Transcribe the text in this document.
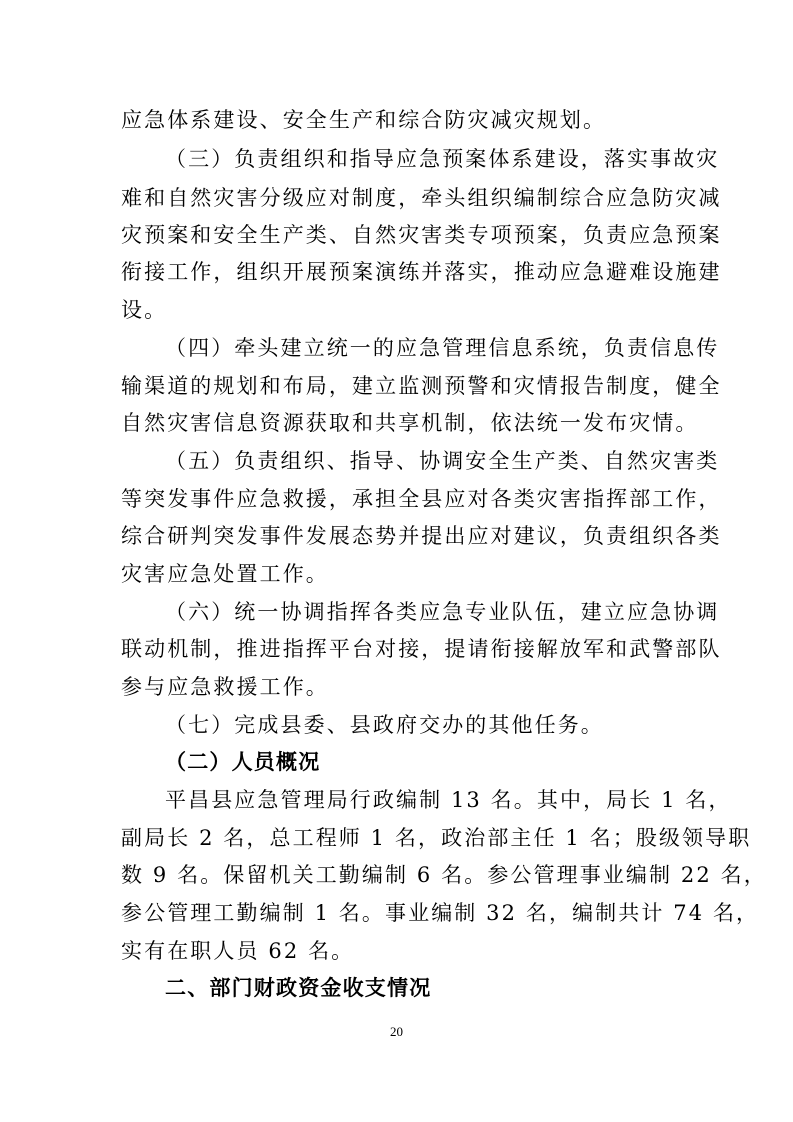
应急体系建设、安全生产和综合防灾减灾规划。
（三）负责组织和指导应急预案体系建设，落实事故灾
难和自然灾害分级应对制度，牵头组织编制综合应急防灾减
灾预案和安全生产类、自然灾害类专项预案，负责应急预案
衔接工作，组织开展预案演练并落实，推动应急避难设施建
设。
（四）牵头建立统一的应急管理信息系统，负责信息传
输渠道的规划和布局，建立监测预警和灾情报告制度，健全
自然灾害信息资源获取和共享机制，依法统一发布灾情。
（五）负责组织、指导、协调安全生产类、自然灾害类
等突发事件应急救援，承担全县应对各类灾害指挥部工作，
综合研判突发事件发展态势并提出应对建议，负责组织各类
灾害应急处置工作。
（六）统一协调指挥各类应急专业队伍，建立应急协调
联动机制，推进指挥平台对接，提请衔接解放军和武警部队
参与应急救援工作。
（七）完成县委、县政府交办的其他任务。
（二）人员概况
平昌县应急管理局行政编制 13 名。其中，局长 1 名，
副局长 2 名，总工程师 1 名，政治部主任 1 名；股级领导职
数 9 名。保留机关工勤编制 6 名。参公管理事业编制 22 名，
参公管理工勤编制 1 名。事业编制 32 名，编制共计 74 名，
实有在职人员 62 名。
二、部门财政资金收支情况
20
